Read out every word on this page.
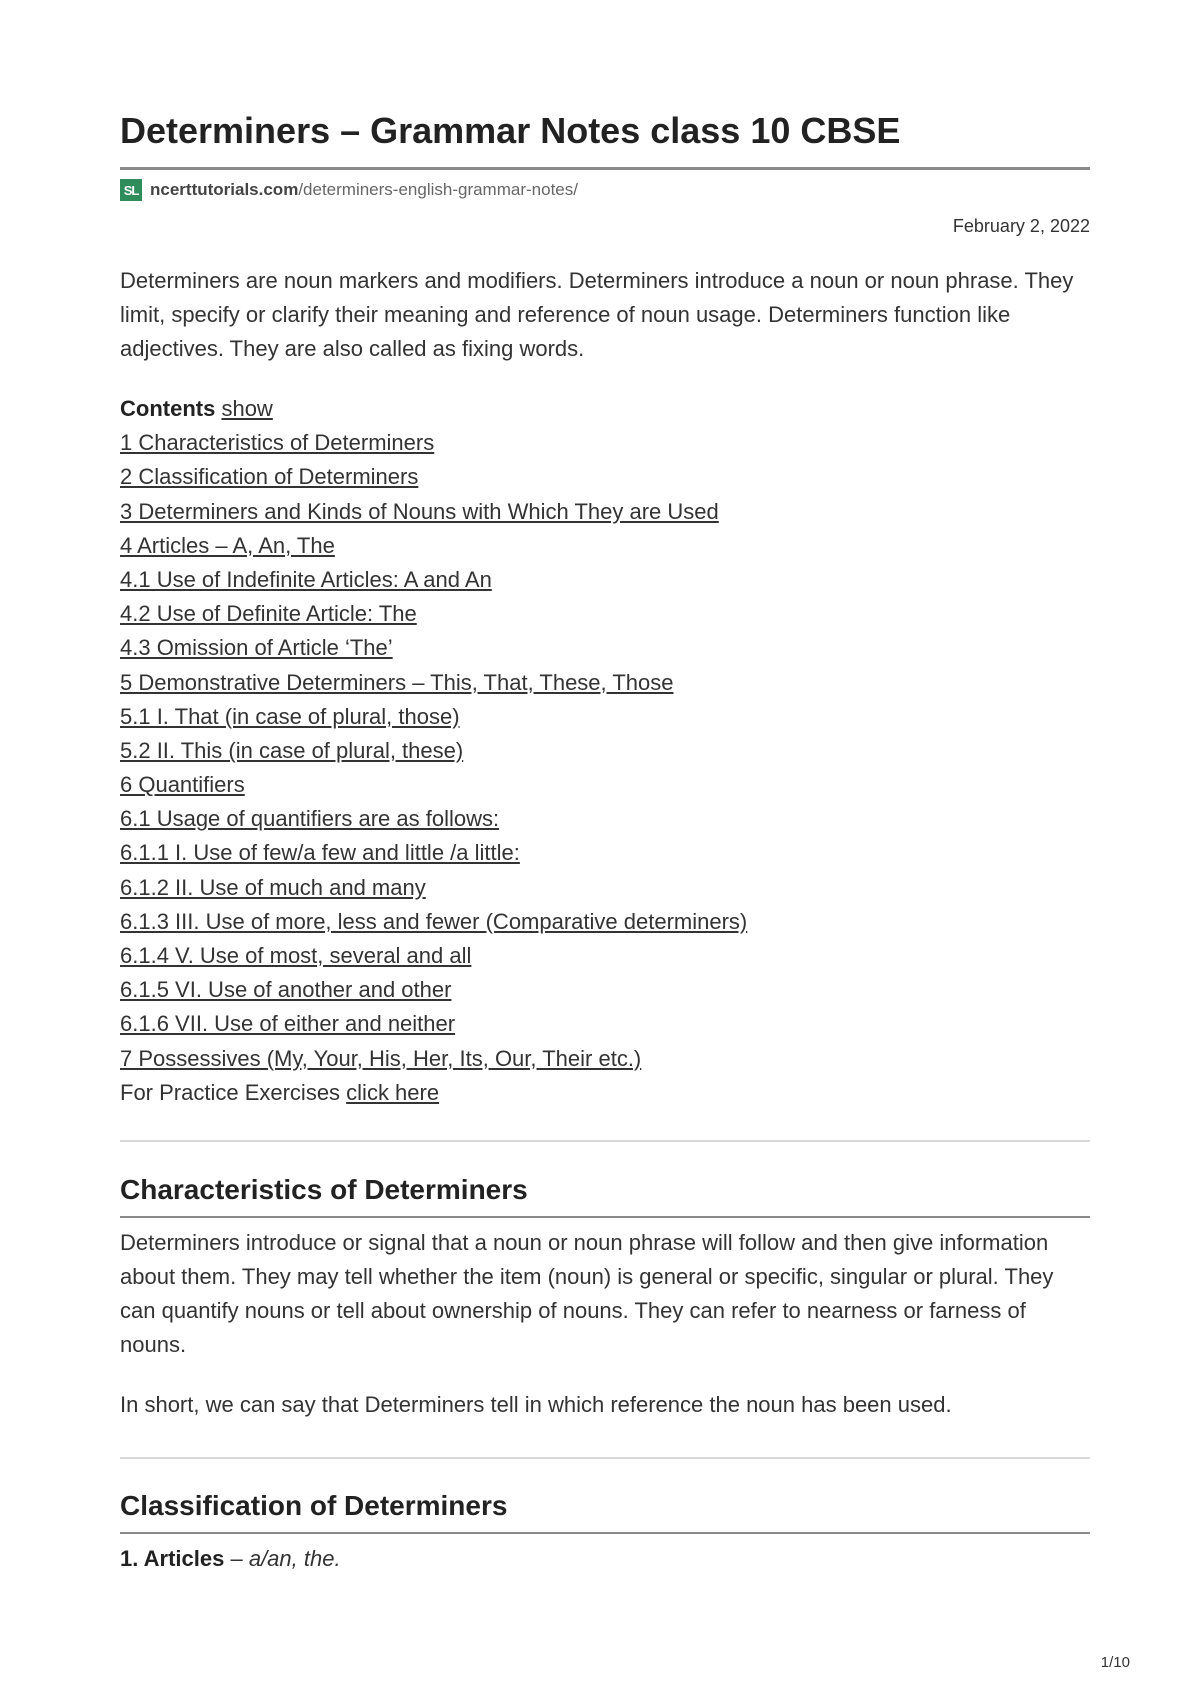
Determiners – Grammar Notes class 10 CBSE
SL ncerttutorials.com /determiners-english-grammar-notes/
February 2, 2022

Determiners are noun markers and modifiers. Determiners introduce a noun or noun phrase. They limit, specify or clarify their meaning and reference of noun usage. Determiners function like adjectives. They are also called as fixing words.

Contents show
1 Characteristics of Determiners
2 Classification of Determiners
3 Determiners and Kinds of Nouns with Which They are Used
4 Articles – A, An, The
4.1 Use of Indefinite Articles: A and An
4.2 Use of Definite Article: The
4.3 Omission of Article ‘The’
5 Demonstrative Determiners – This, That, These, Those
5.1 I. That (in case of plural, those)
5.2 II. This (in case of plural, these)
6 Quantifiers
6.1 Usage of quantifiers are as follows:
6.1.1 I. Use of few/a few and little /a little:
6.1.2 II. Use of much and many
6.1.3 III. Use of more, less and fewer (Comparative determiners)
6.1.4 V. Use of most, several and all
6.1.5 VI. Use of another and other
6.1.6 VII. Use of either and neither
7 Possessives (My, Your, His, Her, Its, Our, Their etc.)
For Practice Exercises click here
Characteristics of Determiners

Determiners introduce or signal that a noun or noun phrase will follow and then give information about them. They may tell whether the item (noun) is general or specific, singular or plural. They can quantify nouns or tell about ownership of nouns. They can refer to nearness or farness of nouns.

In short, we can say that Determiners tell in which reference the noun has been used.

Classification of Determiners
1. Articles – a/an, the.
1/10
